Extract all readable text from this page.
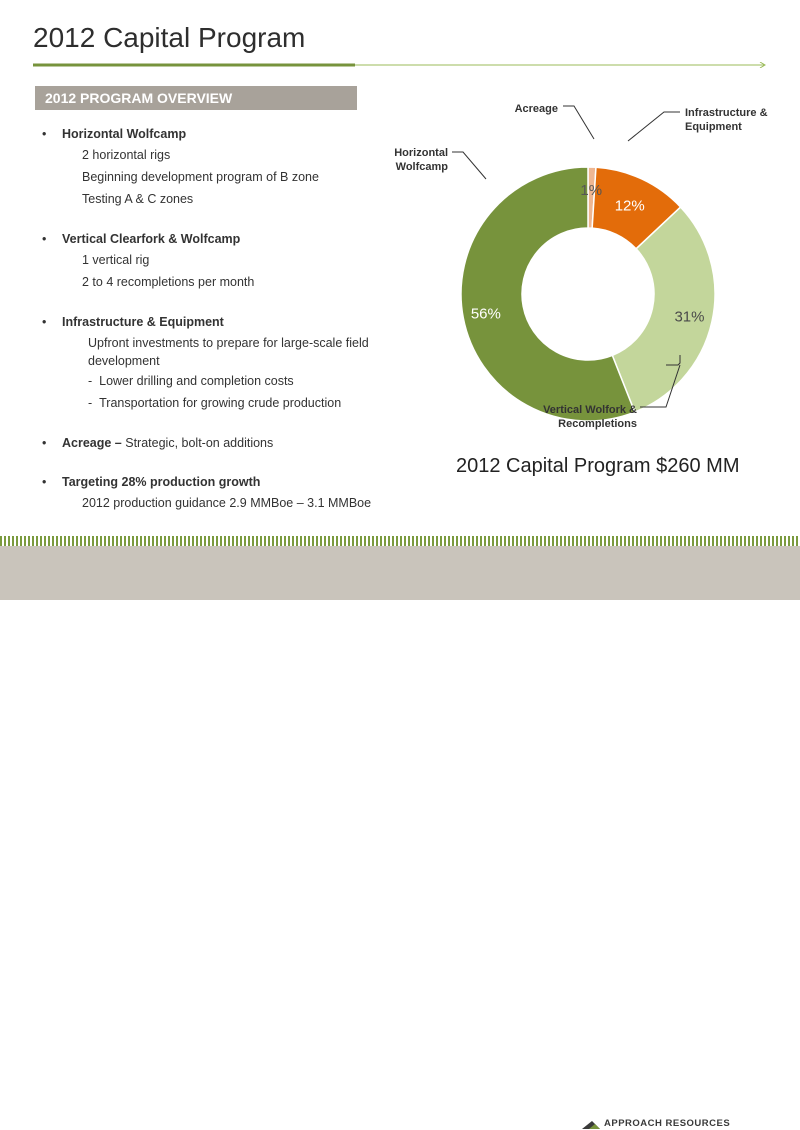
2012 Capital Program
2012 PROGRAM OVERVIEW
• Horizontal Wolfcamp
2 horizontal rigs
Beginning development program of B zone
Testing A & C zones
• Vertical Clearfork & Wolfcamp
1 vertical rig
2 to 4 recompletions per month
• Infrastructure & Equipment
Upfront investments to prepare for large-scale field development
- Lower drilling and completion costs
- Transportation for growing crude production
• Acreage – Strategic, bolt-on additions
• Targeting 28% production growth
2012 production guidance 2.9 MMBoe – 3.1 MMBoe
1%
12%
31%
56%
Acreage	Infrastructure &
Equipment
Horizontal
Wolfcamp
Vertical Wolfork &
Recompletions
2012 Capital Program $260 MM
APPROACH RESOURCES	7
